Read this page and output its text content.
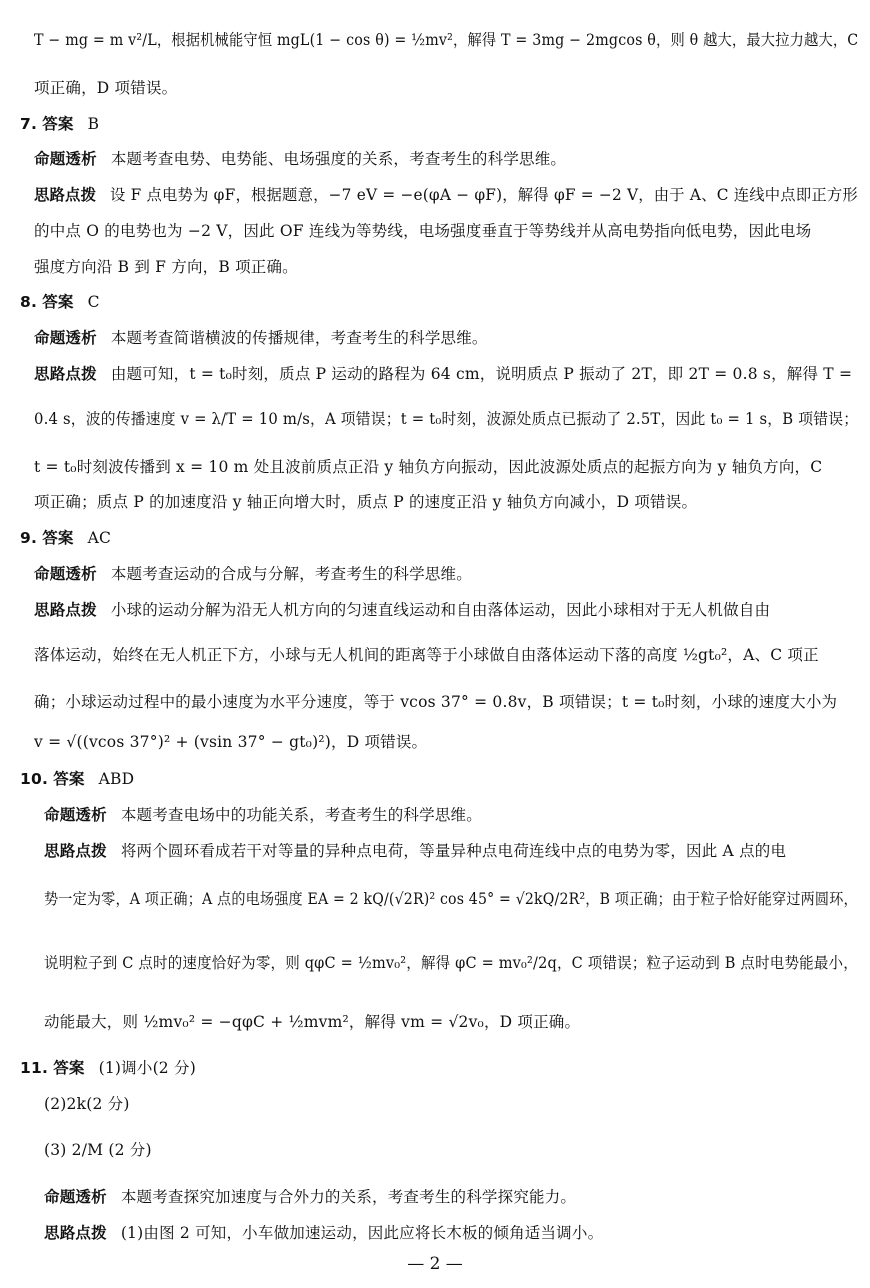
T − mg = m v²/L，根据机械能守恒 mgL(1 − cos θ) = ½mv²，解得 T = 3mg − 2mgcos θ，则 θ 越大，最大拉力越大，C
项正确，D 项错误。
7. 答案 B
命题透析 本题考查电势、电势能、电场强度的关系，考查考生的科学思维。
思路点拨 设 F 点电势为 φF，根据题意，−7 eV = −e(φA − φF)，解得 φF = −2 V，由于 A、C 连线中点即正方形
的中点 O 的电势也为 −2 V，因此 OF 连线为等势线，电场强度垂直于等势线并从高电势指向低电势，因此电场
强度方向沿 B 到 F 方向，B 项正确。
8. 答案 C
命题透析 本题考查简谐横波的传播规律，考查考生的科学思维。
思路点拨 由题可知，t = t₀时刻，质点 P 运动的路程为 64 cm，说明质点 P 振动了 2T，即 2T = 0.8 s，解得 T =
0.4 s，波的传播速度 v = λ/T = 10 m/s，A 项错误；t = t₀时刻，波源处质点已振动了 2.5T，因此 t₀ = 1 s，B 项错误；
t = t₀时刻波传播到 x = 10 m 处且波前质点正沿 y 轴负方向振动，因此波源处质点的起振方向为 y 轴负方向，C
项正确；质点 P 的加速度沿 y 轴正向增大时，质点 P 的速度正沿 y 轴负方向减小，D 项错误。
9. 答案 AC
命题透析 本题考查运动的合成与分解，考查考生的科学思维。
思路点拨 小球的运动分解为沿无人机方向的匀速直线运动和自由落体运动，因此小球相对于无人机做自由
落体运动，始终在无人机正下方，小球与无人机间的距离等于小球做自由落体运动下落的高度 ½gt₀²，A、C 项正
确；小球运动过程中的最小速度为水平分速度，等于 vcos 37° = 0.8v，B 项错误；t = t₀时刻，小球的速度大小为
v = √((vcos 37°)² + (vsin 37° − gt₀)²)，D 项错误。
10. 答案 ABD
命题透析 本题考查电场中的功能关系，考查考生的科学思维。
思路点拨 将两个圆环看成若干对等量的异种点电荷，等量异种点电荷连线中点的电势为零，因此 A 点的电
势一定为零，A 项正确；A 点的电场强度 EA = 2 kQ/(√2R)² cos 45° = √2kQ/2R²，B 项正确；由于粒子恰好能穿过两圆环，
说明粒子到 C 点时的速度恰好为零，则 qφC = ½mv₀²，解得 φC = mv₀²/2q，C 项错误；粒子运动到 B 点时电势能最小，
动能最大，则 ½mv₀² = −qφC + ½mvm²，解得 vm = √2v₀，D 项正确。
11. 答案 (1)调小(2 分)
(2)2k(2 分)
(3) 2/M (2 分)
命题透析 本题考查探究加速度与合外力的关系，考查考生的科学探究能力。
思路点拨 (1)由图 2 可知，小车做加速运动，因此应将长木板的倾角适当调小。
— 2 —
